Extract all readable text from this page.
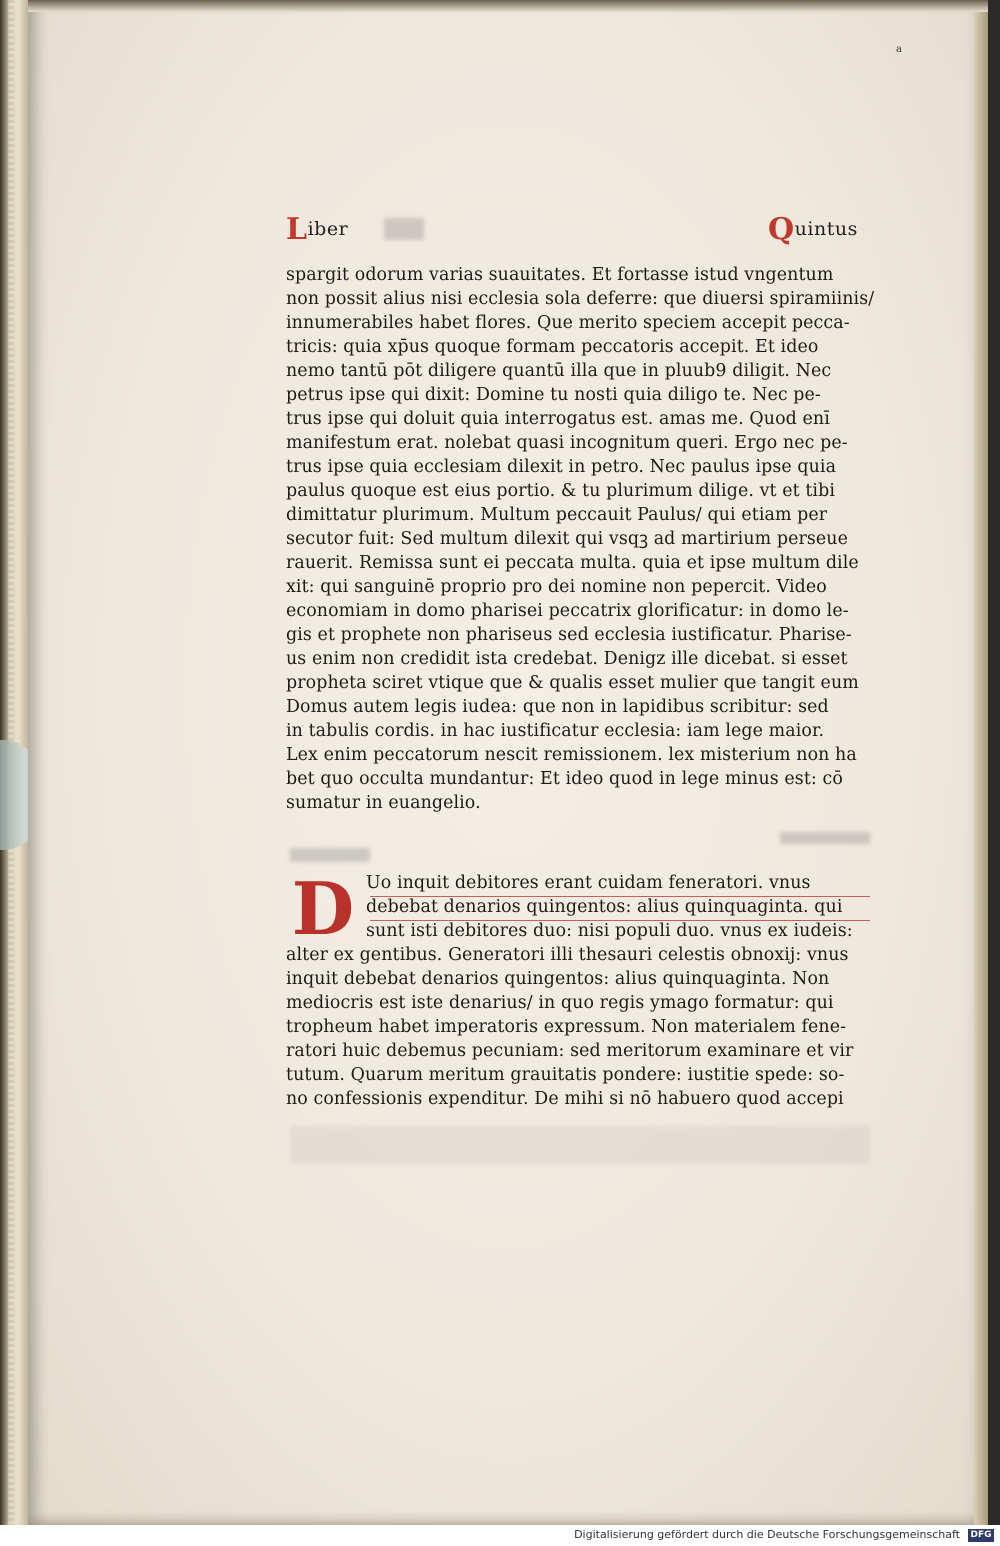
a
Liber	Quintus
spargit odorum varias suauitates. Et fortasse istud vngentum
non possit alius nisi ecclesia sola deferre: que diuersi spiramiinis/
innumerabiles habet flores. Que merito speciem accepit pecca-
tricis: quia xp̄us quoque formam peccatoris accepit. Et ideo
nemo tantū pōt diligere quantū illa que in pluub9 diligit. Nec
petrus ipse qui dixit: Domine tu nosti quia diligo te. Nec pe-
trus ipse qui doluit quia interrogatus est. amas me. Quod enī
manifestum erat. nolebat quasi incognitum queri. Ergo nec pe-
trus ipse quia ecclesiam dilexit in petro. Nec paulus ipse quia
paulus quoque est eius portio. & tu plurimum dilige. vt et tibi
dimittatur plurimum. Multum peccauit Paulus/ qui etiam per
secutor fuit: Sed multum dilexit qui vsqꝫ ad martirium perseue
rauerit. Remissa sunt ei peccata multa. quia et ipse multum dile
xit: qui sanguinē proprio pro dei nomine non pepercit. Video
economiam in domo pharisei peccatrix glorificatur: in domo le-
gis et prophete non phariseus sed ecclesia iustificatur. Pharise-
us enim non credidit ista credebat. Denigz ille dicebat. si esset
propheta sciret vtique que & qualis esset mulier que tangit eum
Domus autem legis iudea: que non in lapidibus scribitur: sed
in tabulis cordis. in hac iustificatur ecclesia: iam lege maior.
Lex enim peccatorum nescit remissionem. lex misterium non ha
bet quo occulta mundantur: Et ideo quod in lege minus est: cō
sumatur in euangelio.
D Uo inquit debitores erant cuidam feneratori. vnus
debebat denarios quingentos: alius quinquaginta. qui
sunt isti debitores duo: nisi populi duo. vnus ex iudeis:
alter ex gentibus. Generatori illi thesauri celestis obnoxij: vnus
inquit debebat denarios quingentos: alius quinquaginta. Non
mediocris est iste denarius/ in quo regis ymago formatur: qui
tropheum habet imperatoris expressum. Non materialem fene-
ratori huic debemus pecuniam: sed meritorum examinare et vir
tutum. Quarum meritum grauitatis pondere: iustitie spede: so-
no confessionis expenditur. De mihi si nō habuero quod accepi
Digitalisierung gefördert durch die Deutsche Forschungsgemeinschaft DFG
